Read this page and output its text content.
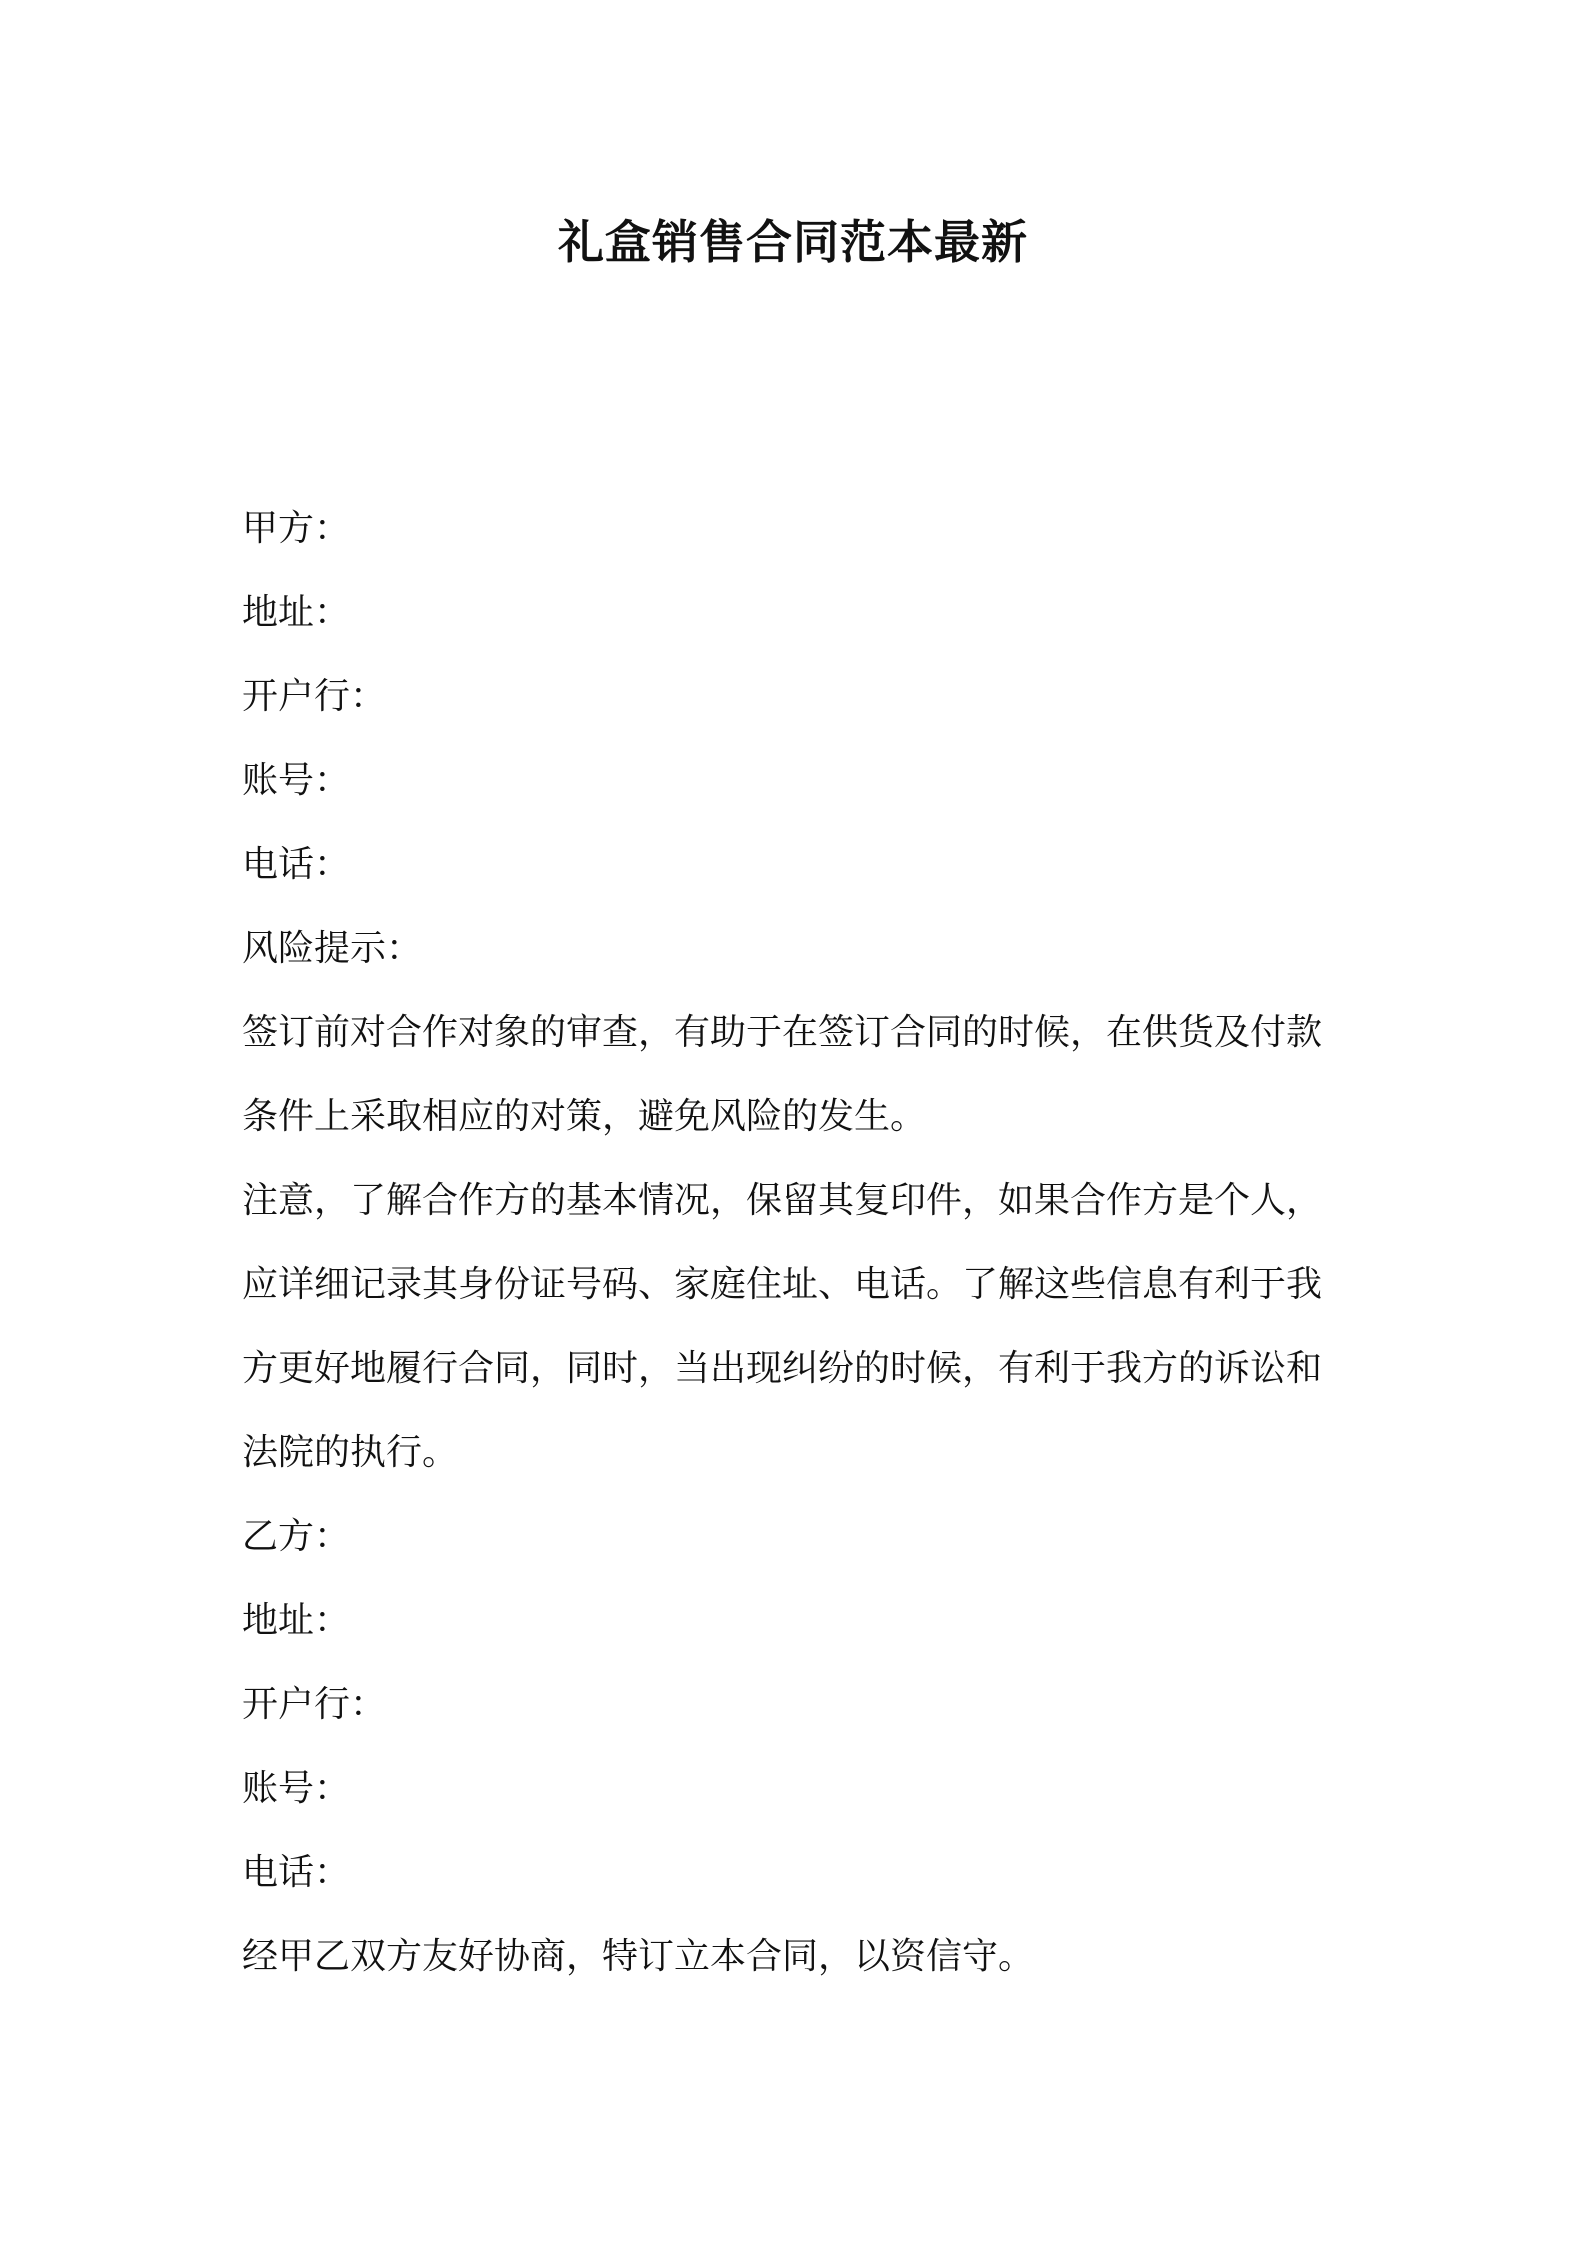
礼盒销售合同范本最新
甲方：
地址：
开户行：
账号：
电话：
风险提示：
签订前对合作对象的审查，有助于在签订合同的时候，在供货及付款
条件上采取相应的对策，避免风险的发生。
注意，了解合作方的基本情况，保留其复印件，如果合作方是个人，
应详细记录其身份证号码、家庭住址、电话。了解这些信息有利于我
方更好地履行合同，同时，当出现纠纷的时候，有利于我方的诉讼和
法院的执行。
乙方：
地址：
开户行：
账号：
电话：
经甲乙双方友好协商，特订立本合同，以资信守。
